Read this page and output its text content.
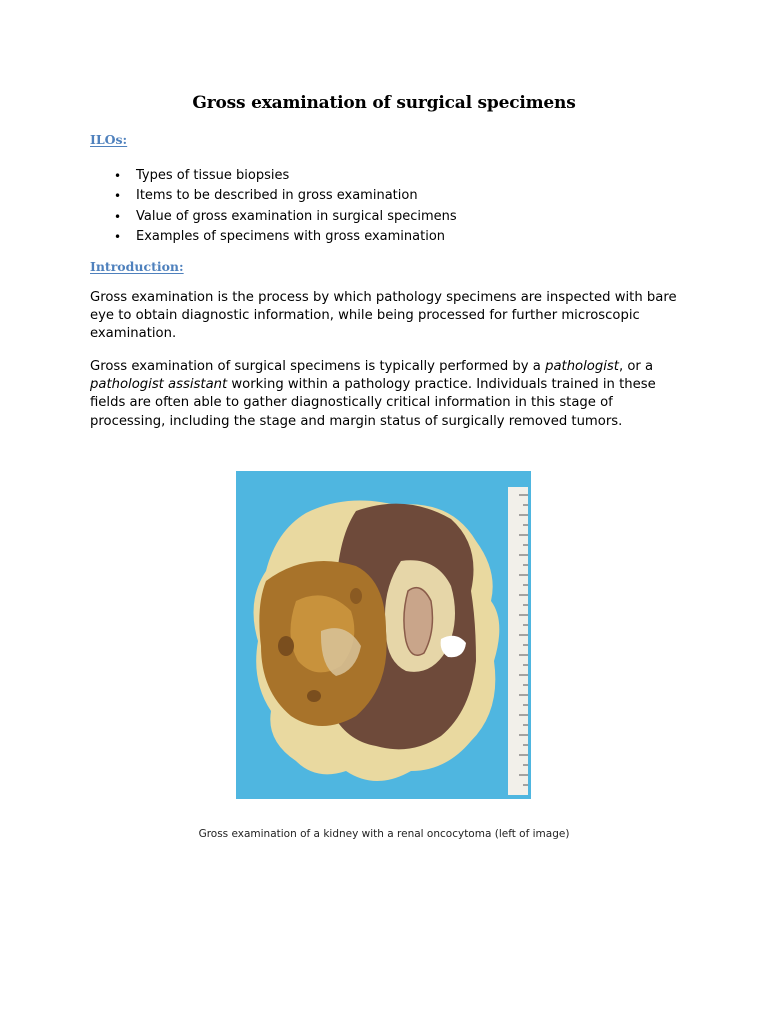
Gross examination of surgical specimens
ILOs:
• Types of tissue biopsies
• Items to be described in gross examination
• Value of gross examination in surgical specimens
• Examples of specimens with gross examination
Introduction:

Gross examination is the process by which pathology specimens are inspected with bare eye to obtain diagnostic information, while being processed for further microscopic examination.

Gross examination of surgical specimens is typically performed by a pathologist, or a pathologist assistant working within a pathology practice. Individuals trained in these fields are often able to gather diagnostically critical information in this stage of processing, including the stage and margin status of surgically removed tumors.

Gross examination of a kidney with a renal oncocytoma (left of image)
